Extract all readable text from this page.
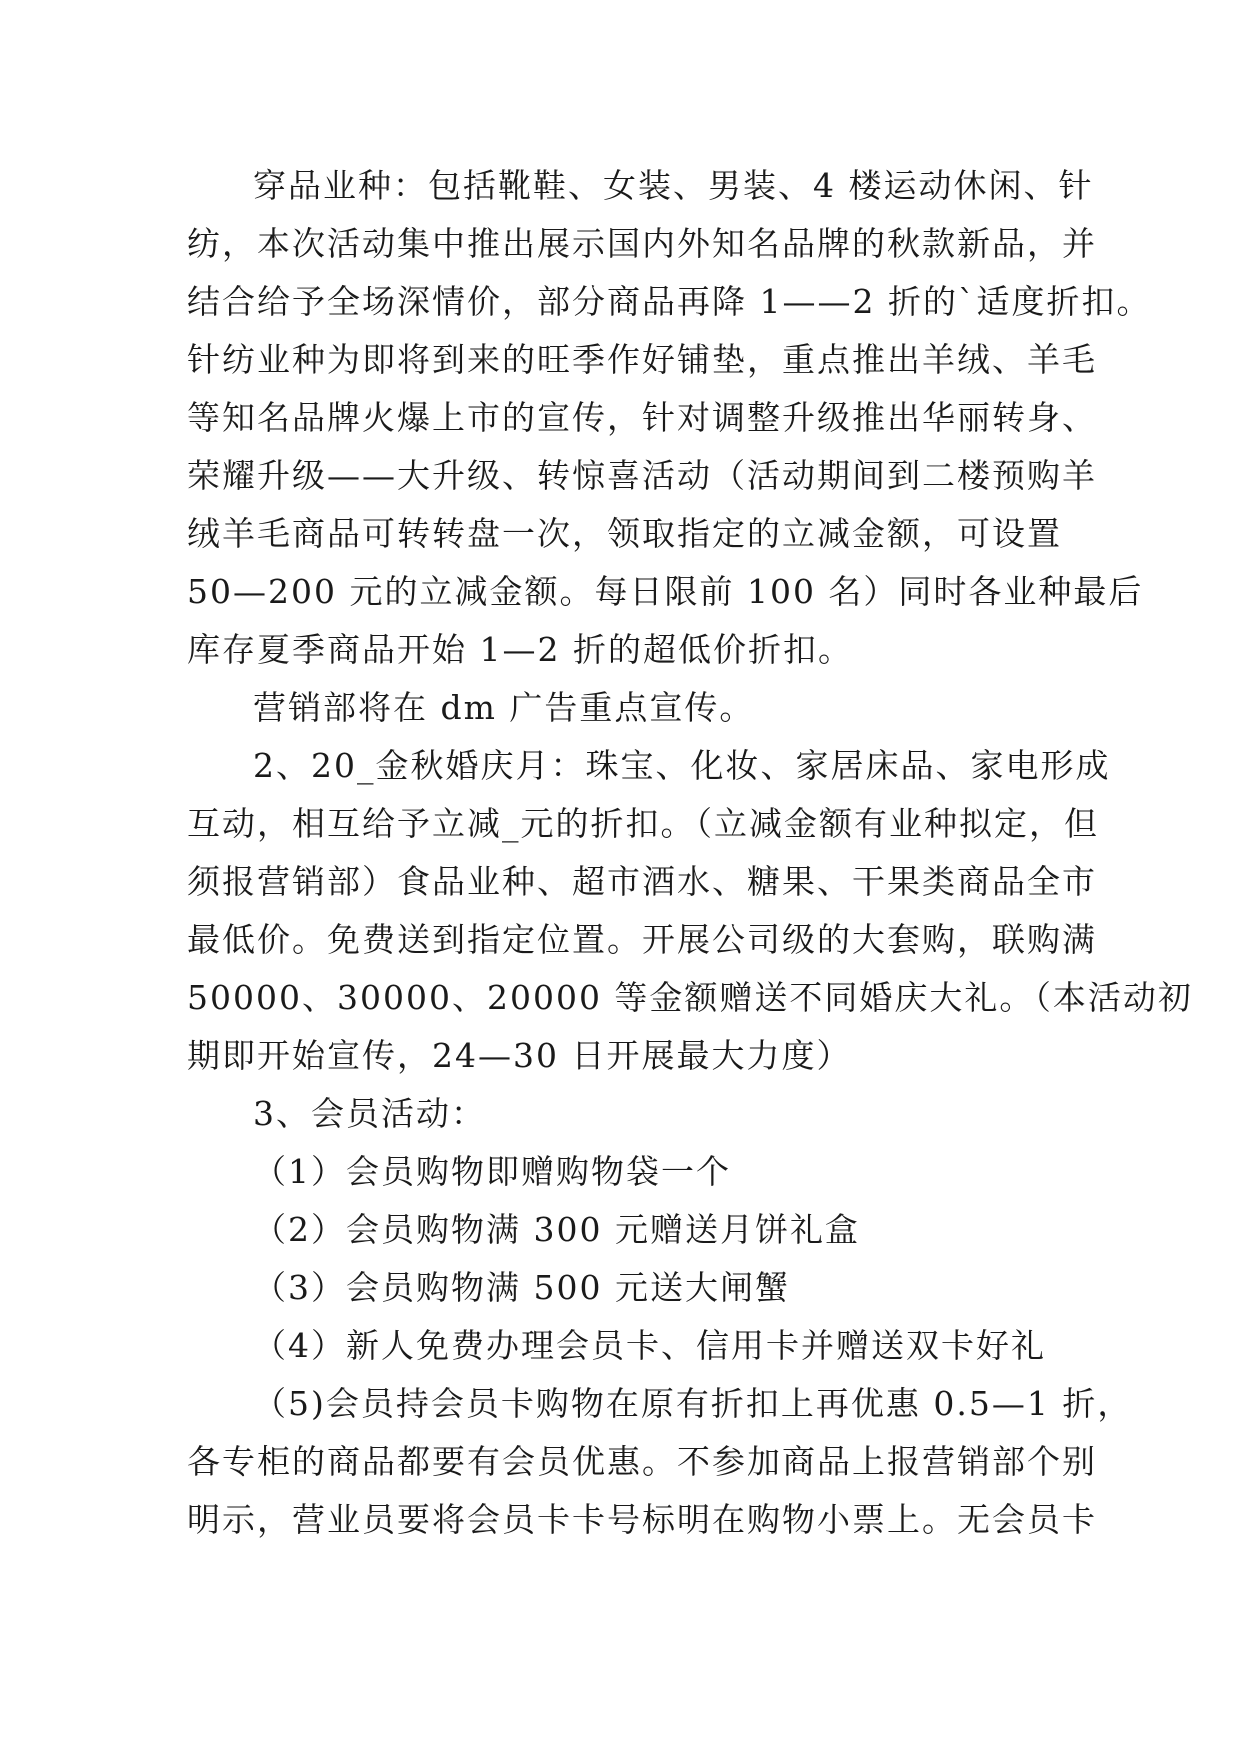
穿品业种：包括靴鞋、女装、男装、4 楼运动休闲、针
纺，本次活动集中推出展示国内外知名品牌的秋款新品，并
结合给予全场深情价，部分商品再降 1——2 折的`适度折扣。
针纺业种为即将到来的旺季作好铺垫，重点推出羊绒、羊毛
等知名品牌火爆上市的宣传，针对调整升级推出华丽转身、
荣耀升级——大升级、转惊喜活动（活动期间到二楼预购羊
绒羊毛商品可转转盘一次，领取指定的立减金额，可设置
50—200 元的立减金额。每日限前 100 名）同时各业种最后
库存夏季商品开始 1—2 折的超低价折扣。
营销部将在 dm 广告重点宣传。
2、20_金秋婚庆月：珠宝、化妆、家居床品、家电形成
互动，相互给予立减_元的折扣。（立减金额有业种拟定，但
须报营销部）食品业种、超市酒水、糖果、干果类商品全市
最低价。免费送到指定位置。开展公司级的大套购，联购满
50000、30000、20000 等金额赠送不同婚庆大礼。（本活动初
期即开始宣传，24—30 日开展最大力度）
3、会员活动：
（1）会员购物即赠购物袋一个
（2）会员购物满 300 元赠送月饼礼盒
（3）会员购物满 500 元送大闸蟹
（4）新人免费办理会员卡、信用卡并赠送双卡好礼
（5)会员持会员卡购物在原有折扣上再优惠 0.5—1 折，
各专柜的商品都要有会员优惠。不参加商品上报营销部个别
明示，营业员要将会员卡卡号标明在购物小票上。无会员卡
